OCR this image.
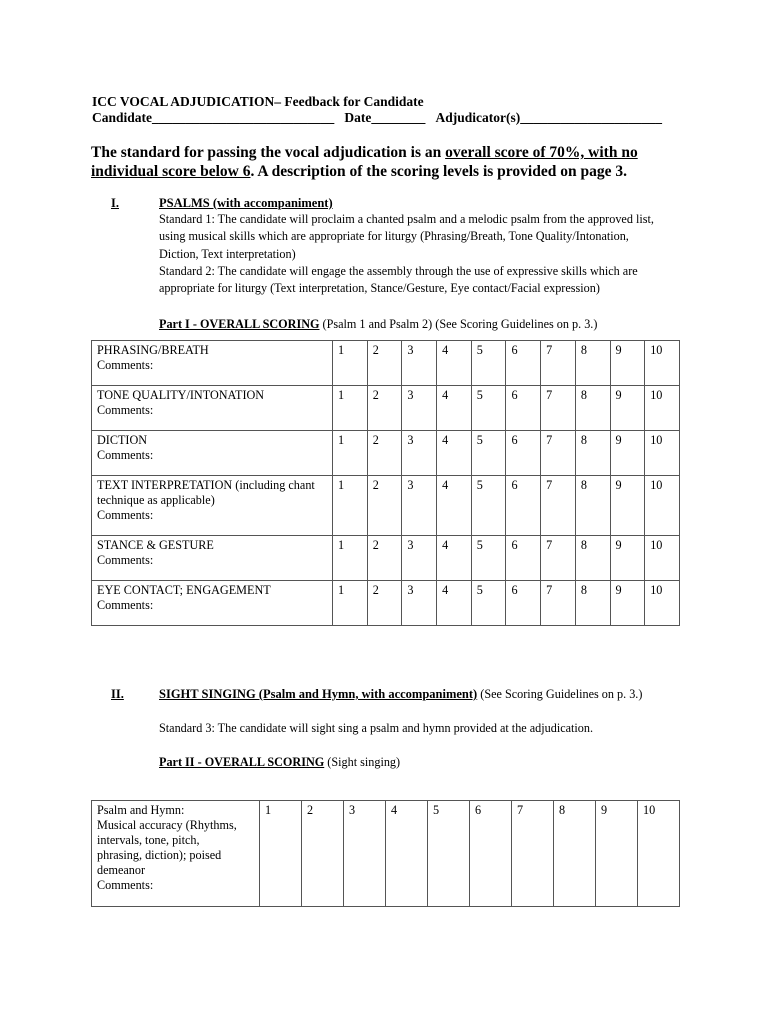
ICC VOCAL ADJUDICATION– Feedback for Candidate
Candidate___________________________ Date________ Adjudicator(s)_____________________
The standard for passing the vocal adjudication is an overall score of 70%, with no individual score below 6. A description of the scoring levels is provided on page 3.
I.	PSALMS (with accompaniment)
Standard 1: The candidate will proclaim a chanted psalm and a melodic psalm from the approved list,
using musical skills which are appropriate for liturgy (Phrasing/Breath, Tone Quality/Intonation,
Diction, Text interpretation)
Standard 2: The candidate will engage the assembly through the use of expressive skills which are
appropriate for liturgy (Text interpretation, Stance/Gesture, Eye contact/Facial expression)
Part I - OVERALL SCORING (Psalm 1 and Psalm 2) (See Scoring Guidelines on p. 3.)
PHRASING/BREATH
Comments:	1	2	3	4	5	6	7	8	9	10

TONE QUALITY/INTONATION
Comments:	1	2	3	4	5	6	7	8	9	10

DICTION
Comments:	1	2	3	4	5	6	7	8	9	10

TEXT INTERPRETATION (including chant
technique as applicable)
Comments:	1	2	3	4	5	6	7	8	9	10

STANCE & GESTURE
Comments:	1	2	3	4	5	6	7	8	9	10

EYE CONTACT; ENGAGEMENT
Comments:	1	2	3	4	5	6	7	8	9	10
II.	SIGHT SINGING (Psalm and Hymn, with accompaniment) (See Scoring Guidelines on p. 3.)
Standard 3: The candidate will sight sing a psalm and hymn provided at the adjudication.
Part II - OVERALL SCORING (Sight singing)
Psalm and Hymn:
Musical accuracy (Rhythms,
intervals, tone, pitch,
phrasing, diction); poised
demeanor
Comments:
	1	2	3	4	5	6	7	8	9	10
